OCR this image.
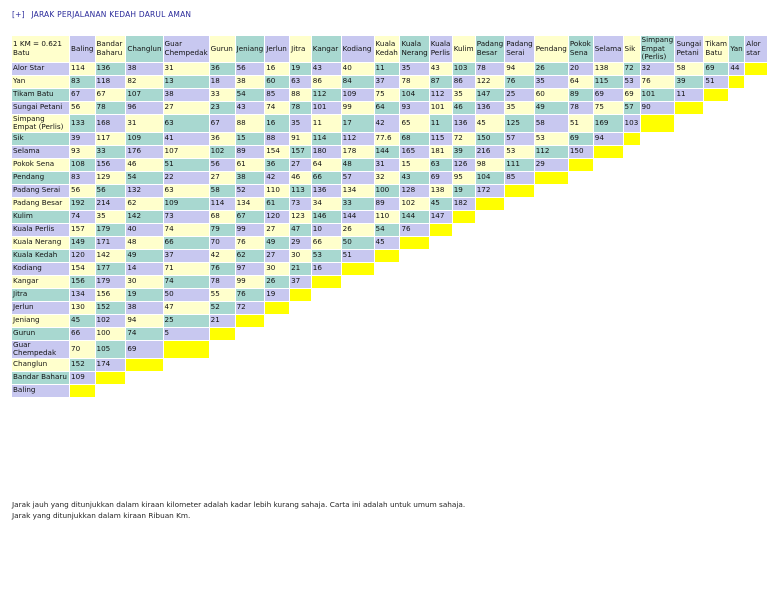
[+] JARAK PERJALANAN KEDAH DARUL AMAN
1 KM = 0.621 Batu	Baling	Bandar Baharu	Changlun	Guar Chempedak	Gurun	Jeniang	Jerlun	Jitra	Kangar	Kodiang	Kuala Kedah	Kuala Nerang	Kuala Perlis	Kulim	Padang Besar	Padang Serai	Pendang	Pokok Sena	Selama	Sik	Simpang Empat (Perlis)	Sungai Petani	Tikam Batu	Yan	Alor star
Alor Star	114	136	38	31	36	56	16	19	43	40	11	35	43	103	78	94	26	20	138	72	32	58	69	44	
Yan	83	118	82	13	18	38	60	63	86	84	37	78	87	86	122	76	35	64	115	53	76	39	51		
Tikam Batu	67	67	107	38	33	54	85	88	112	109	75	104	112	35	147	25	60	89	69	69	101	11			
Sungai Petani	56	78	96	27	23	43	74	78	101	99	64	93	101	46	136	35	49	78	75	57	90				
Simpang Empat (Perlis)	133	168	31	63	67	88	16	35	11	17	42	65	11	136	45	125	58	51	169	103					
Sik	39	117	109	41	36	15	88	91	114	112	77.6	68	115	72	150	57	53	69	94						
Selama	93	33	176	107	102	89	154	157	180	178	144	165	181	39	216	53	112	150							
Pokok Sena	108	156	46	51	56	61	36	27	64	48	31	15	63	126	98	111	29								
Pendang	83	129	54	22	27	38	42	46	66	57	32	43	69	95	104	85									
Padang Serai	56	56	132	63	58	52	110	113	136	134	100	128	138	19	172										
Padang Besar	192	214	62	109	114	134	61	73	34	33	89	102	45	182											
Kulim	74	35	142	73	68	67	120	123	146	144	110	144	147												
Kuala Perlis	157	179	40	74	79	99	27	47	10	26	54	76													
Kuala Nerang	149	171	48	66	70	76	49	29	66	50	45														
Kuala Kedah	120	142	49	37	42	62	27	30	53	51															
Kodiang	154	177	14	71	76	97	30	21	16																
Kangar	156	179	30	74	78	99	26	37																	
Jitra	134	156	19	50	55	76	19																		
Jerlun	130	152	38	47	52	72																			
Jeniang	45	102	94	25	21																				
Gurun	66	100	74	5																					
Guar Chempedak	70	105	69																						
Changlun	152	174																							
Bandar Baharu	109																								
Baling																									
Jarak jauh yang ditunjukkan dalam kiraan kilometer adalah kadar lebih kurang sahaja. Carta ini adalah untuk umum sahaja.
Jarak yang ditunjukkan dalam kiraan Ribuan Km.
